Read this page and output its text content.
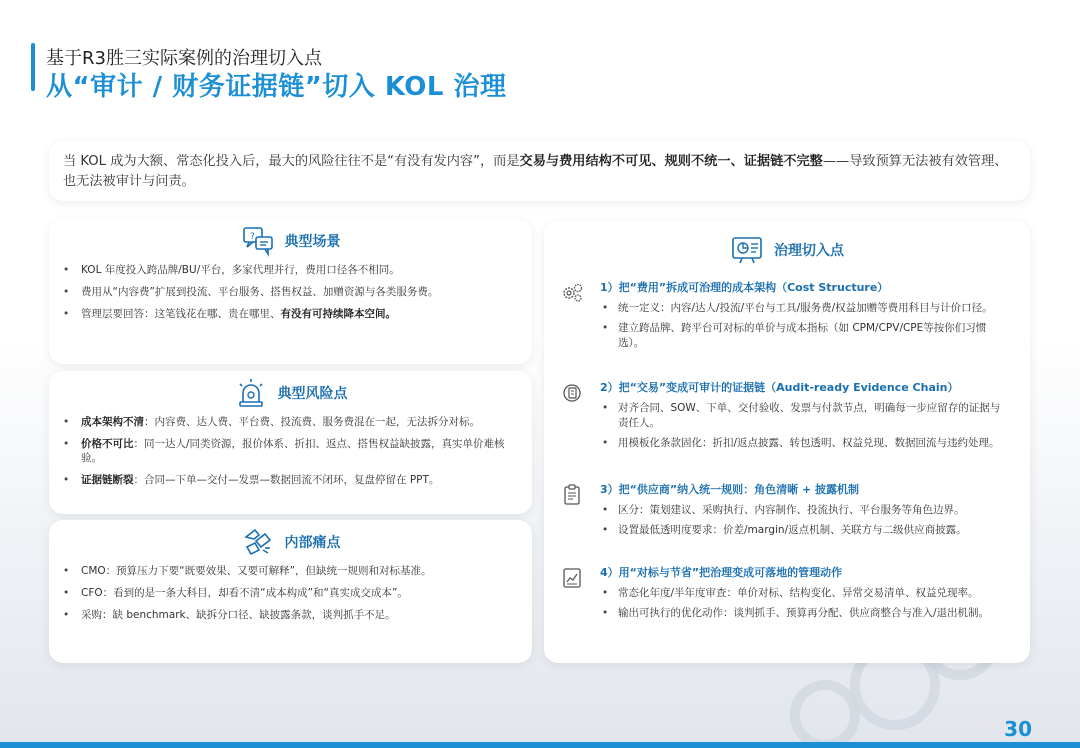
基于R3胜三实际案例的治理切入点
从“审计 / 财务证据链”切入 KOL 治理

当 KOL 成为大额、常态化投入后，最大的风险往往不是“有没有发内容”，而是交易与费用结构不可见、规则不统一、证据链不完整——导致预算无法被有效管理、也无法被审计与问责。

? 典型场景
• KOL 年度投入跨品牌/BU/平台，多家代理并行，费用口径各不相同。
• 费用从“内容费”扩展到投流、平台服务、搭售权益、加赠资源与各类服务费。
• 管理层要回答：这笔钱花在哪、贵在哪里、有没有可持续降本空间。
典型风险点
• 成本架构不清：内容费、达人费、平台费、投流费、服务费混在一起，无法拆分对标。
• 价格不可比：同一达人/同类资源，报价体系、折扣、返点、搭售权益缺披露，真实单价难核验。
• 证据链断裂：合同—下单—交付—发票—数据回流不闭环，复盘停留在 PPT。
内部痛点
• CMO：预算压力下要“既要效果、又要可解释”，但缺统一规则和对标基准。
• CFO：看到的是一条大科目，却看不清“成本构成”和“真实成交成本”。
• 采购：缺 benchmark、缺拆分口径、缺披露条款，谈判抓手不足。
治理切入点
1）把“费用”拆成可治理的成本架构（Cost Structure）
• 统一定义：内容/达人/投流/平台与工具/服务费/权益加赠等费用科目与计价口径。
• 建立跨品牌、跨平台可对标的单价与成本指标（如 CPM/CPV/CPE等按你们习惯选）。
2）把“交易”变成可审计的证据链（Audit-ready Evidence Chain）
• 对齐合同、SOW、下单、交付验收、发票与付款节点，明确每一步应留存的证据与责任人。
• 用模板化条款固化：折扣/返点披露、转包透明、权益兑现、数据回流与违约处理。
3）把“供应商”纳入统一规则：角色清晰 + 披露机制
• 区分：策划建议、采购执行、内容制作、投流执行、平台服务等角色边界。
• 设置最低透明度要求：价差/margin/返点机制、关联方与二级供应商披露。
4）用“对标与节省”把治理变成可落地的管理动作
• 常态化年度/半年度审查：单价对标、结构变化、异常交易清单、权益兑现率。
• 输出可执行的优化动作：谈判抓手、预算再分配、供应商整合与准入/退出机制。
30
